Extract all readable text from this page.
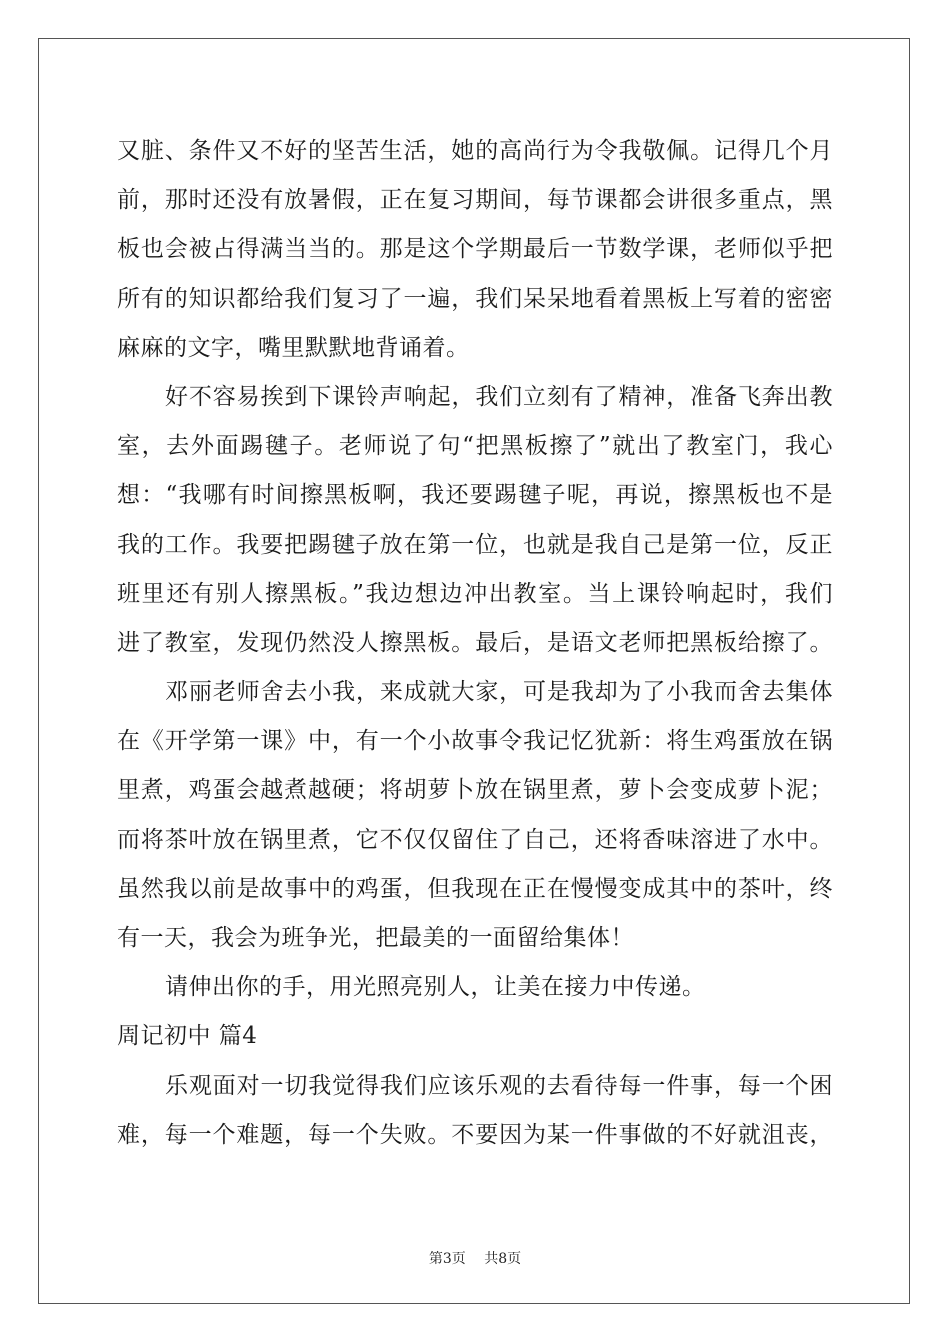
又脏、条件又不好的坚苦生活，她的高尚行为令我敬佩。记得几个月
前，那时还没有放暑假，正在复习期间，每节课都会讲很多重点，黑
板也会被占得满当当的。那是这个学期最后一节数学课，老师似乎把
所有的知识都给我们复习了一遍，我们呆呆地看着黑板上写着的密密
麻麻的文字，嘴里默默地背诵着。
好不容易挨到下课铃声响起，我们立刻有了精神，准备飞奔出教
室，去外面踢毽子。老师说了句“把黑板擦了”就出了教室门，我心
想：“我哪有时间擦黑板啊，我还要踢毽子呢，再说，擦黑板也不是
我的工作。我要把踢毽子放在第一位，也就是我自己是第一位，反正
班里还有别人擦黑板。”我边想边冲出教室。当上课铃响起时，我们
进了教室，发现仍然没人擦黑板。最后，是语文老师把黑板给擦了。
邓丽老师舍去小我，来成就大家，可是我却为了小我而舍去集体
在《开学第一课》中，有一个小故事令我记忆犹新：将生鸡蛋放在锅
里煮，鸡蛋会越煮越硬；将胡萝卜放在锅里煮，萝卜会变成萝卜泥；
而将茶叶放在锅里煮，它不仅仅留住了自己，还将香味溶进了水中。
虽然我以前是故事中的鸡蛋，但我现在正在慢慢变成其中的茶叶，终
有一天，我会为班争光，把最美的一面留给集体！
请伸出你的手，用光照亮别人，让美在接力中传递。
周记初中 篇4
乐观面对一切我觉得我们应该乐观的去看待每一件事，每一个困
难，每一个难题，每一个失败。不要因为某一件事做的不好就沮丧，
第3页 共8页
